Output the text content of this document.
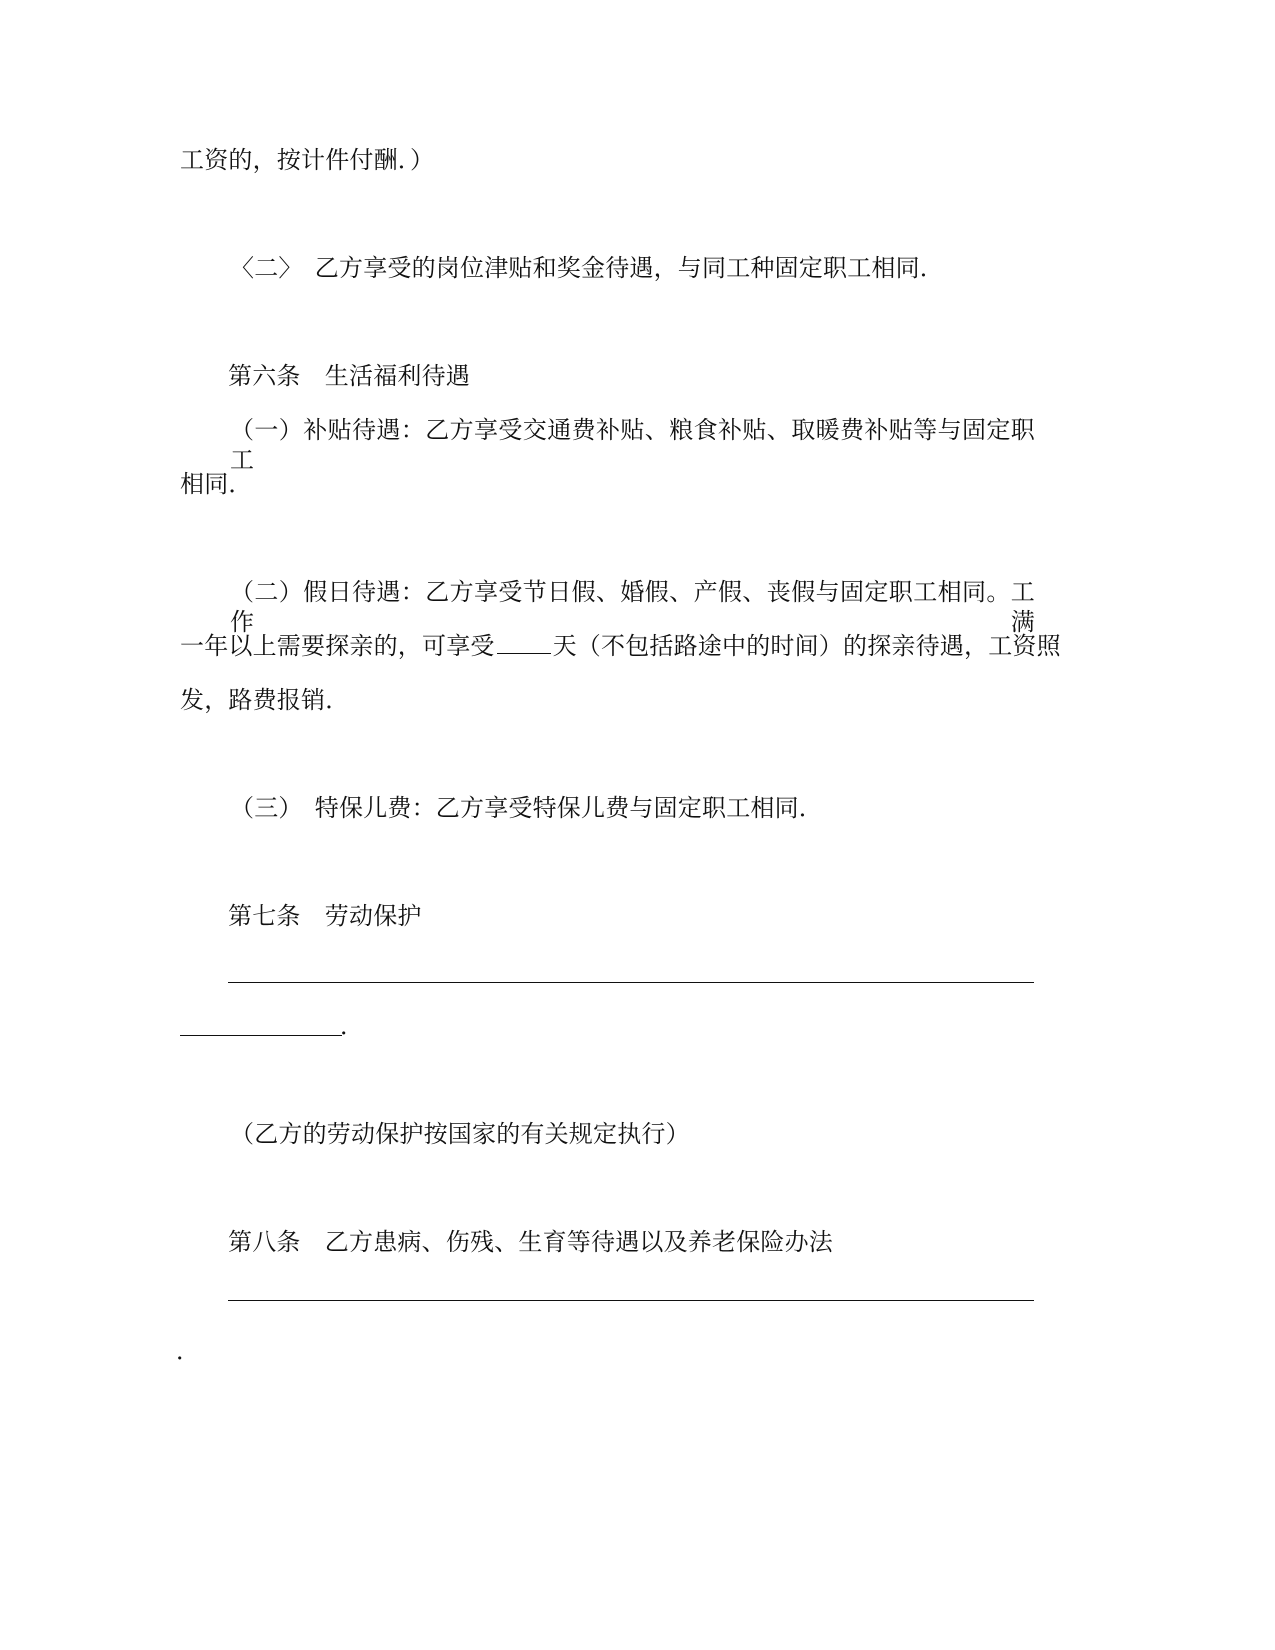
工资的，按计件付酬．）
〈二〉　乙方享受的岗位津贴和奖金待遇，与同工种固定职工相同．
第六条　生活福利待遇
（一）补贴待遇：乙方享受交通费补贴、粮食补贴、取暖费补贴等与固定职工
相同．
（二）假日待遇：乙方享受节日假、婚假、产假、丧假与固定职工相同。工作满
一年以上需要探亲的，可享受 天（不包括路途中的时间）的探亲待遇，工资照
发，路费报销．
（三）　特保儿费：乙方享受特保儿费与固定职工相同．
第七条　劳动保护
．
（乙方的劳动保护按国家的有关规定执行）
第八条　乙方患病、伤残、生育等待遇以及养老保险办法
．
